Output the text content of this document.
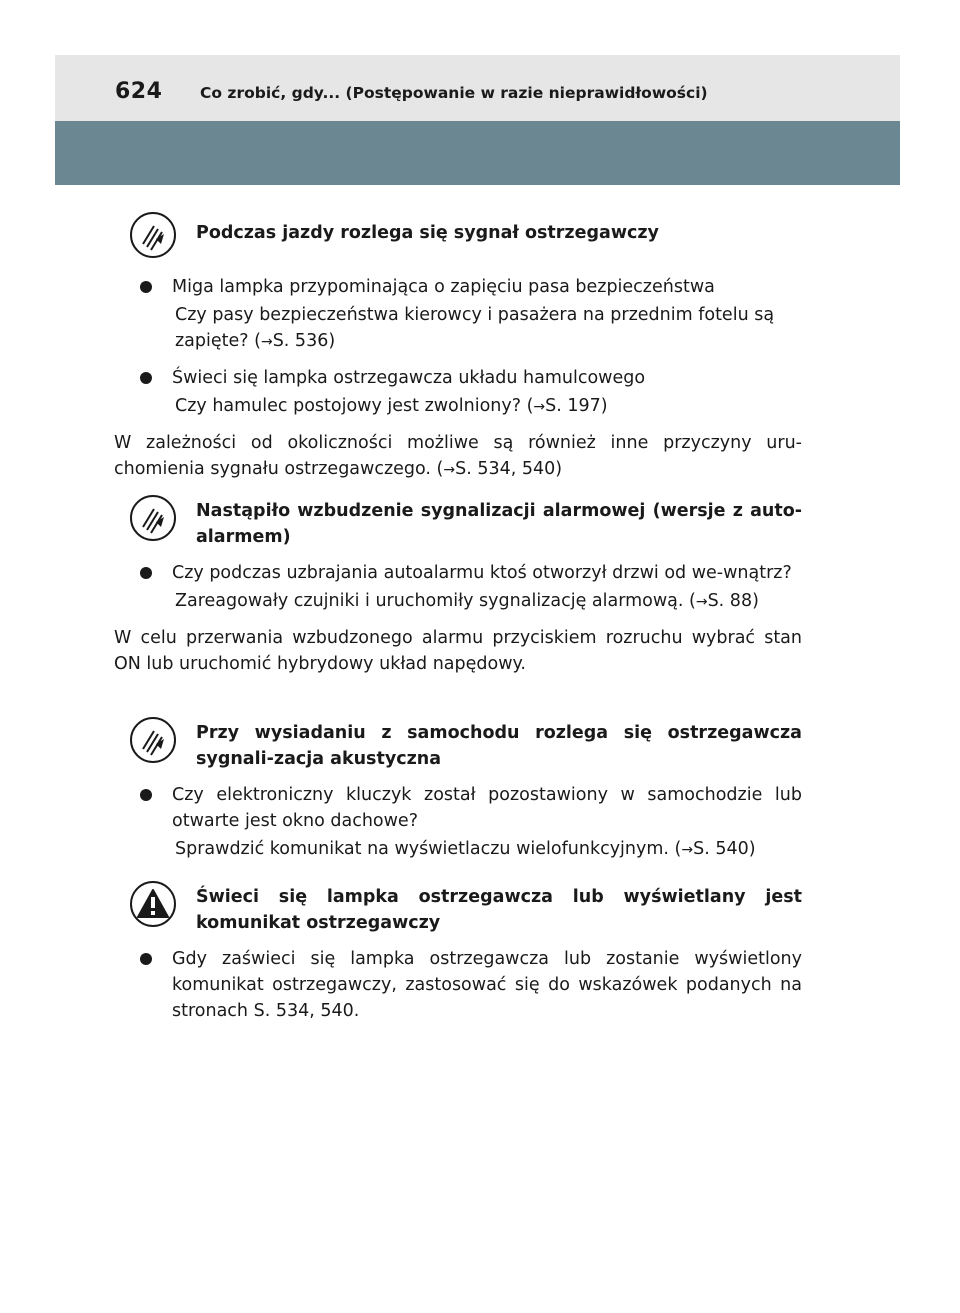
624 Co zrobić, gdy... (Postępowanie w razie nieprawidłowości)
Podczas jazdy rozlega się sygnał ostrzegawczy
Miga lampka przypominająca o zapięciu pasa bezpieczeństwa
Czy pasy bezpieczeństwa kierowcy i pasażera na przednim fotelu są zapięte? (→S. 536)
Świeci się lampka ostrzegawcza układu hamulcowego
Czy hamulec postojowy jest zwolniony? (→S. 197)
W zależności od okoliczności możliwe są również inne przyczyny uru-chomienia sygnału ostrzegawczego. (→S. 534, 540)
Nastąpiło wzbudzenie sygnalizacji alarmowej (wersje z auto-alarmem)
Czy podczas uzbrajania autoalarmu ktoś otworzył drzwi od we-wnątrz?
Zareagowały czujniki i uruchomiły sygnalizację alarmową. (→S. 88)
W celu przerwania wzbudzonego alarmu przyciskiem rozruchu wybrać stan ON lub uruchomić hybrydowy układ napędowy.
Przy wysiadaniu z samochodu rozlega się ostrzegawcza sygnali-zacja akustyczna
Czy elektroniczny kluczyk został pozostawiony w samochodzie lub otwarte jest okno dachowe?
Sprawdzić komunikat na wyświetlaczu wielofunkcyjnym. (→S. 540)
Świeci się lampka ostrzegawcza lub wyświetlany jest komunikat ostrzegawczy
Gdy zaświeci się lampka ostrzegawcza lub zostanie wyświetlony komunikat ostrzegawczy, zastosować się do wskazówek podanych na stronach S. 534, 540.
